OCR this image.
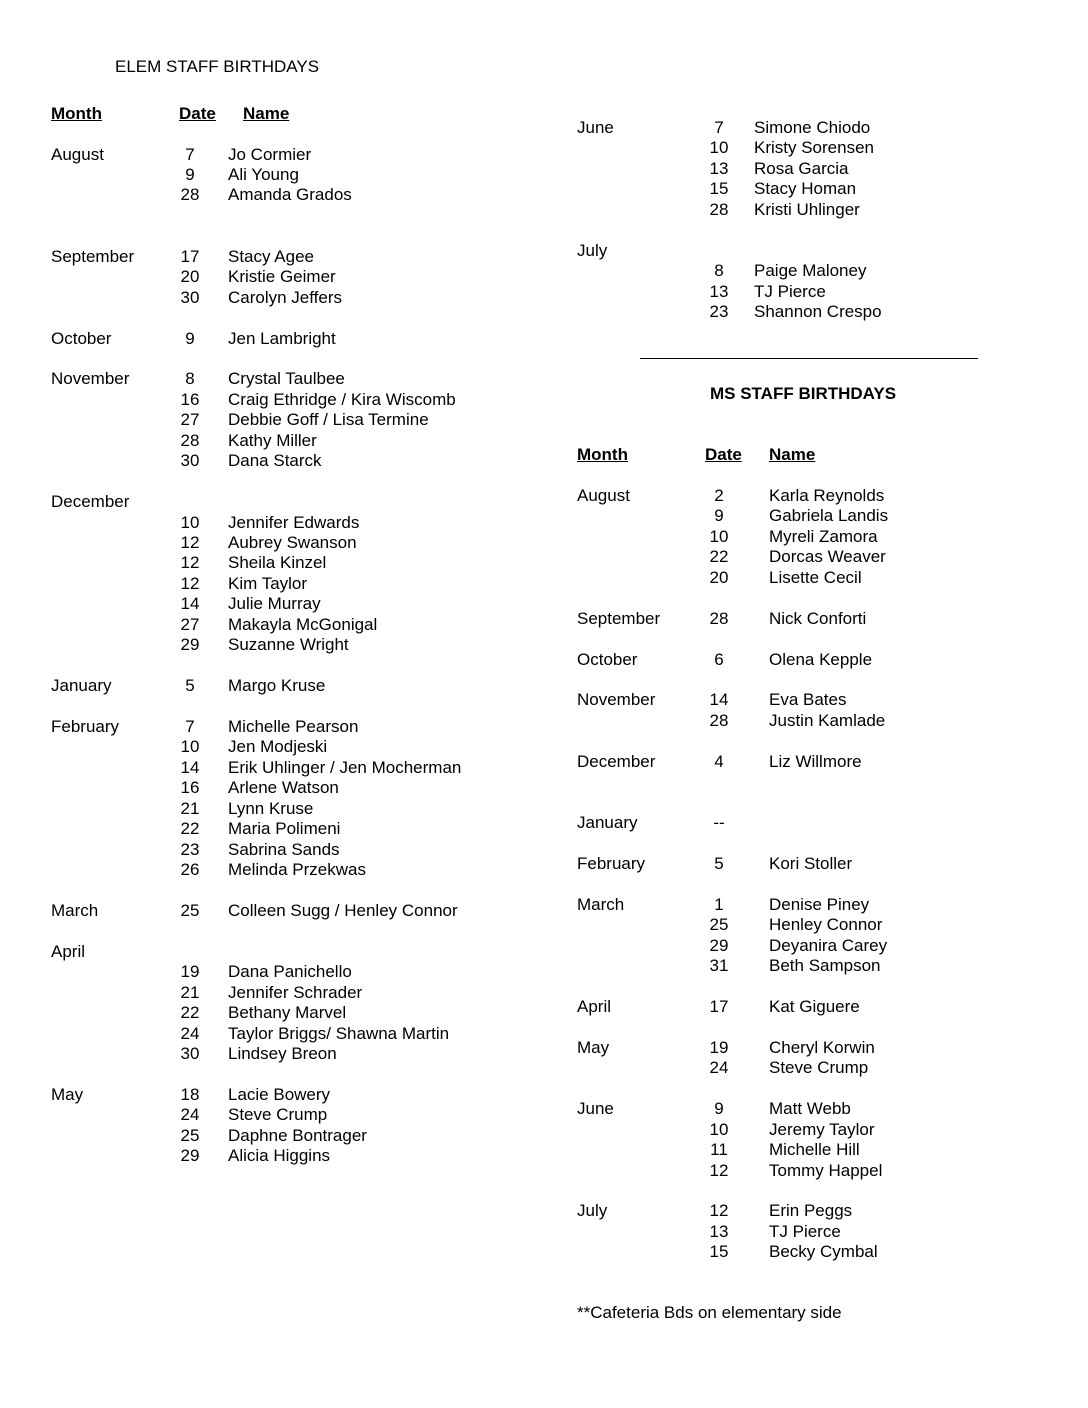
ELEM STAFF BIRTHDAYS
Month	Date Name
August	7	Jo Cormier
9	Ali Young
28	Amanda Grados
September	17	Stacy Agee
20	Kristie Geimer
30	Carolyn Jeffers
October	9	Jen Lambright
November	8	Crystal Taulbee
16	Craig Ethridge / Kira Wiscomb
27	Debbie Goff / Lisa Termine
28	Kathy Miller
30	Dana Starck
December
10	Jennifer Edwards
12	Aubrey Swanson
12	Sheila Kinzel
12	Kim Taylor
14	Julie Murray
27	Makayla McGonigal
29	Suzanne Wright
January	5	Margo Kruse
February	7	Michelle Pearson
10	Jen Modjeski
14	Erik Uhlinger / Jen Mocherman
16	Arlene Watson
21	Lynn Kruse
22	Maria Polimeni
23	Sabrina Sands
26	Melinda Przekwas
March	25	Colleen Sugg / Henley Connor
April
19	Dana Panichello
21	Jennifer Schrader
22	Bethany Marvel
24	Taylor Briggs/ Shawna Martin
30	Lindsey Breon
May	18	Lacie Bowery
24	Steve Crump
25	Daphne Bontrager
29	Alicia Higgins
June	7	Simone Chiodo
10	Kristy Sorensen
13	Rosa Garcia
15	Stacy Homan
28	Kristi Uhlinger
July
8	Paige Maloney
13	TJ Pierce
23	Shannon Crespo
MS STAFF BIRTHDAYS
Month	Date Name
August	2	Karla Reynolds
9	Gabriela Landis
10	Myreli Zamora
22	Dorcas Weaver
20	Lisette Cecil
September	28	Nick Conforti
October	6	Olena Kepple
November	14	Eva Bates
28	Justin Kamlade
December	4	Liz Willmore
January	--
February	5	Kori Stoller
March	1	Denise Piney
25	Henley Connor
29	Deyanira Carey
31	Beth Sampson
April	17	Kat Giguere
May	19	Cheryl Korwin
24	Steve Crump
June	9	Matt Webb
10	Jeremy Taylor
11	Michelle Hill
12	Tommy Happel
July	12	Erin Peggs
13	TJ Pierce
15	Becky Cymbal
**Cafeteria Bds on elementary side
